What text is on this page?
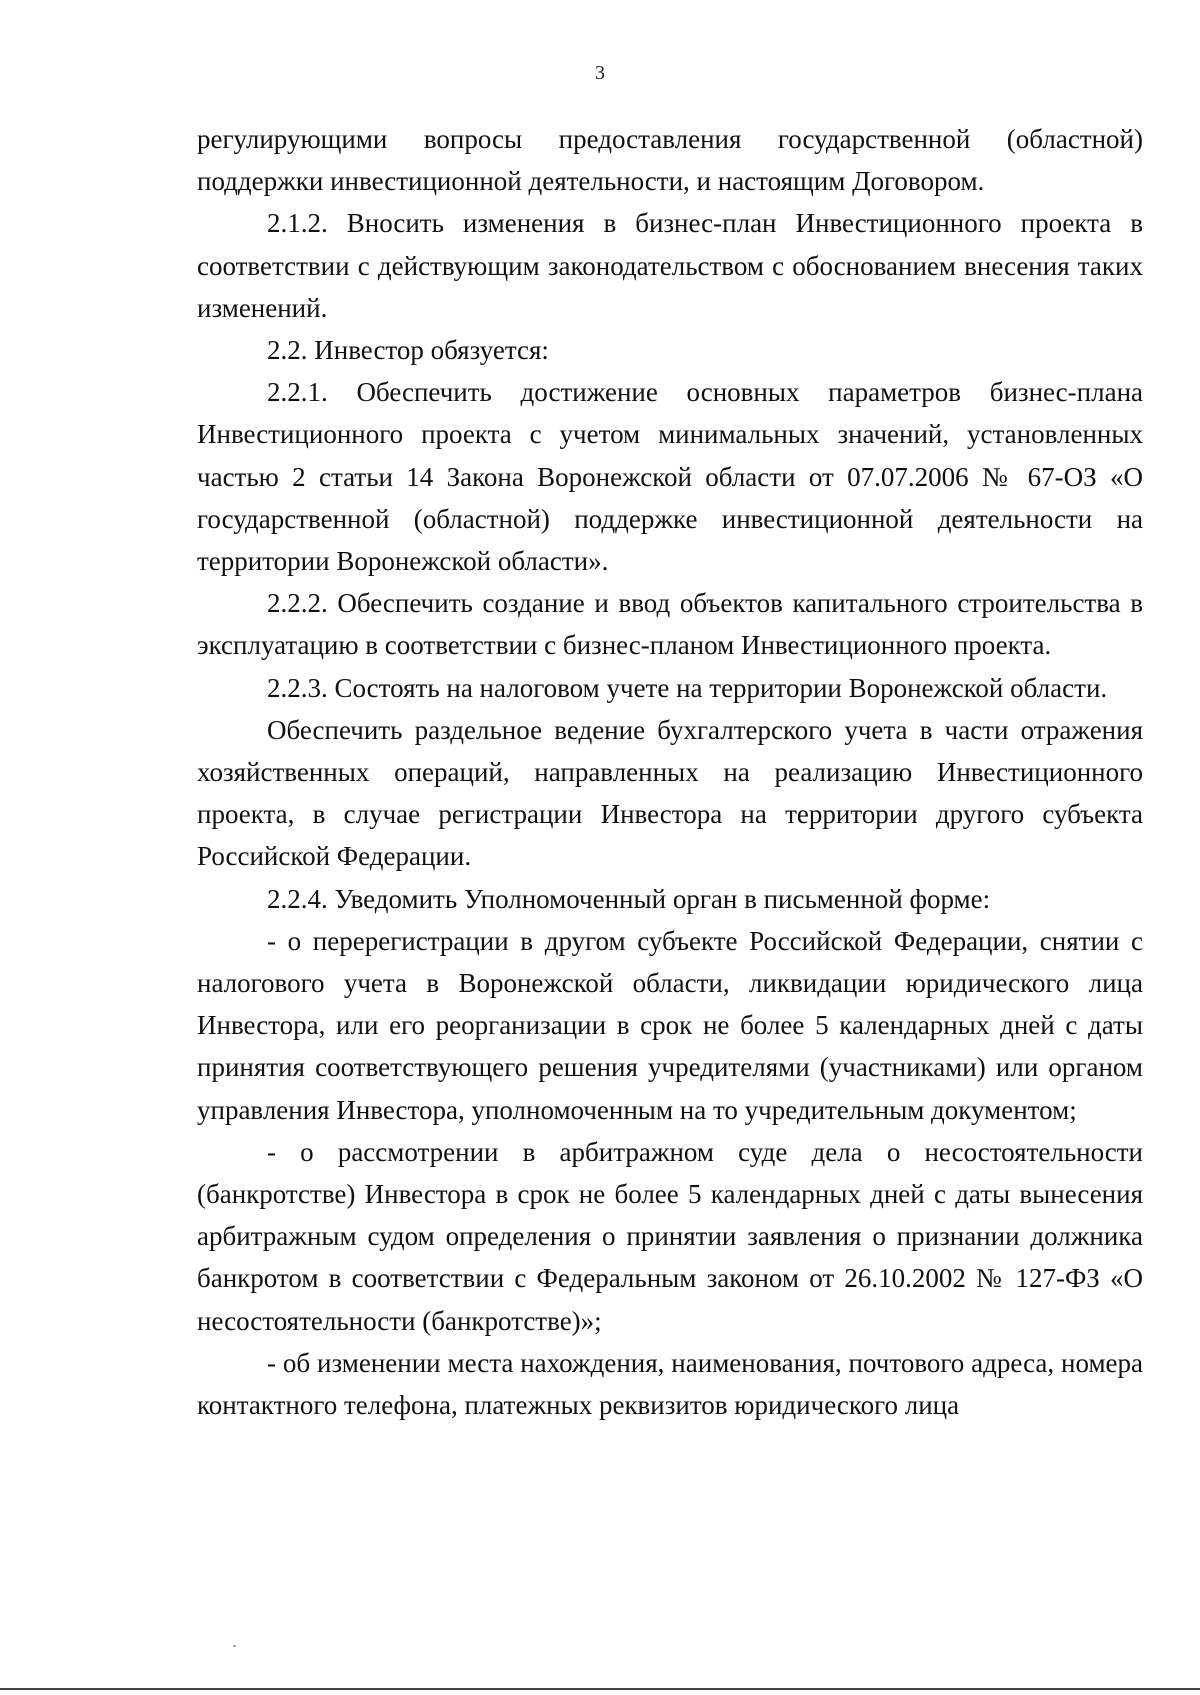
3

регулирующими вопросы предоставления государственной (областной) поддержки инвестиционной деятельности, и настоящим Договором.

2.1.2. Вносить изменения в бизнес-план Инвестиционного проекта в соответствии с действующим законодательством с обоснованием внесения таких изменений.

2.2. Инвестор обязуется:

2.2.1. Обеспечить достижение основных параметров бизнес-плана Инвестиционного проекта с учетом минимальных значений, установленных частью 2 статьи 14 Закона Воронежской области от 07.07.2006 № 67-ОЗ «О государственной (областной) поддержке инвестиционной деятельности на территории Воронежской области».

2.2.2. Обеспечить создание и ввод объектов капитального строительства в эксплуатацию в соответствии с бизнес-планом Инвестиционного проекта.

2.2.3. Состоять на налоговом учете на территории Воронежской области.

Обеспечить раздельное ведение бухгалтерского учета в части отражения хозяйственных операций, направленных на реализацию Инвестиционного проекта, в случае регистрации Инвестора на территории другого субъекта Российской Федерации.

2.2.4. Уведомить Уполномоченный орган в письменной форме:

- о перерегистрации в другом субъекте Российской Федерации, снятии с налогового учета в Воронежской области, ликвидации юридического лица Инвестора, или его реорганизации в срок не более 5 календарных дней с даты принятия соответствующего решения учредителями (участниками) или органом управления Инвестора, уполномоченным на то учредительным документом;

- о рассмотрении в арбитражном суде дела о несостоятельности (банкротстве) Инвестора в срок не более 5 календарных дней с даты вынесения арбитражным судом определения о принятии заявления о признании должника банкротом в соответствии с Федеральным законом от 26.10.2002 № 127-ФЗ «О несостоятельности (банкротстве)»;

- об изменении места нахождения, наименования, почтового адреса, номера контактного телефона, платежных реквизитов юридического лица
